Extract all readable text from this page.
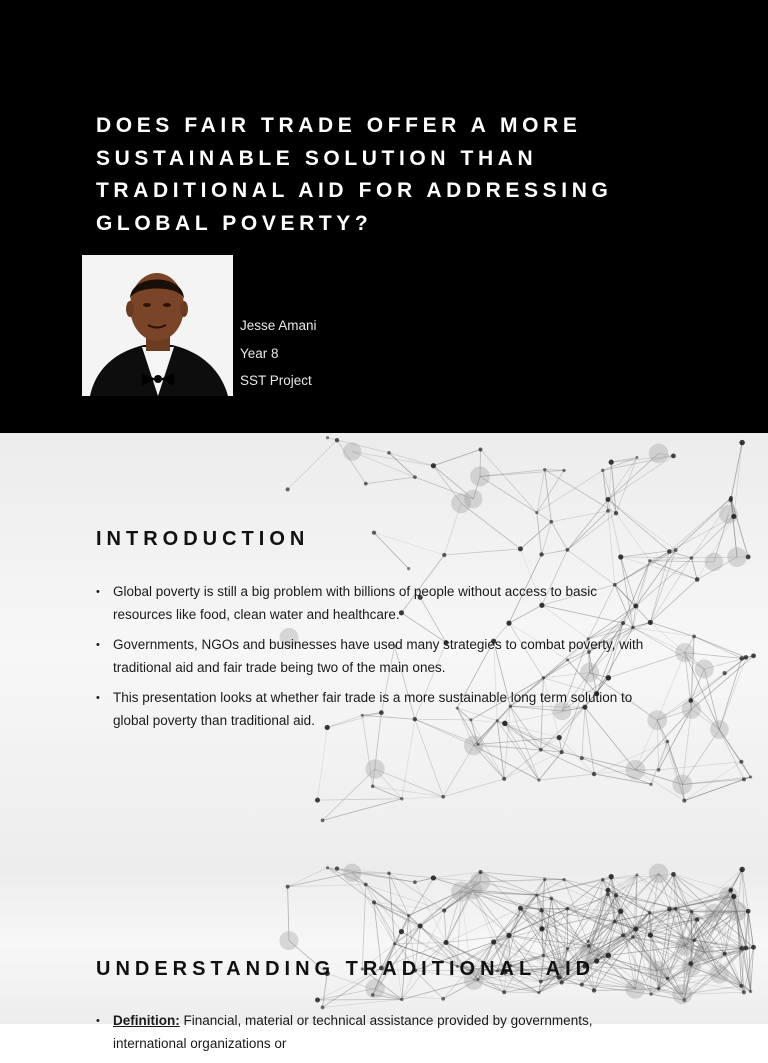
DOES FAIR TRADE OFFER A MORE SUSTAINABLE SOLUTION THAN TRADITIONAL AID FOR ADDRESSING GLOBAL POVERTY?
Jesse Amani
Year 8
SST Project
INTRODUCTION
• Global poverty is still a big problem with billions of people without access to basic resources like food, clean water and healthcare.
• Governments, NGOs and businesses have used many strategies to combat poverty, with traditional aid and fair trade being two of the main ones.
• This presentation looks at whether fair trade is a more sustainable long term solution to global poverty than traditional aid.
UNDERSTANDING TRADITIONAL AID
• Definition: Financial, material or technical assistance provided by governments, international organizations or
